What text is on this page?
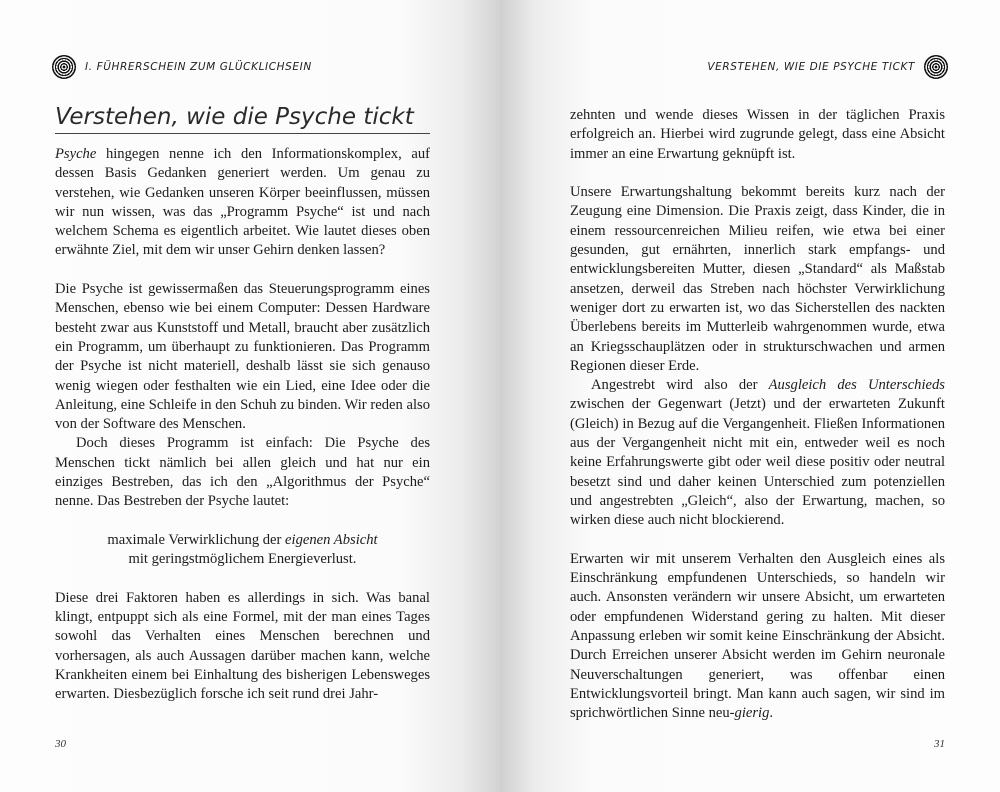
I. FÜHRERSCHEIN ZUM GLÜCKLICHSEIN
Verstehen, wie die Psyche tickt

Psyche hingegen nenne ich den Informationskomplex, auf dessen Basis Gedanken generiert werden. Um genau zu verstehen, wie Gedanken unseren Körper beeinflussen, müssen wir nun wissen, was das „Programm Psyche“ ist und nach welchem Schema es eigentlich arbeitet. Wie lautet dieses oben erwähnte Ziel, mit dem wir unser Gehirn denken lassen?

Die Psyche ist gewissermaßen das Steuerungsprogramm eines Menschen, ebenso wie bei einem Computer: Dessen Hardware besteht zwar aus Kunststoff und Metall, braucht aber zusätzlich ein Programm, um überhaupt zu funktionieren. Das Programm der Psyche ist nicht materiell, deshalb lässt sie sich genauso wenig wiegen oder festhalten wie ein Lied, eine Idee oder die Anleitung, eine Schleife in den Schuh zu binden. Wir reden also von der Software des Menschen.

Doch dieses Programm ist einfach: Die Psyche des Menschen tickt nämlich bei allen gleich und hat nur ein einziges Bestreben, das ich den „Algorithmus der Psyche“ nenne. Das Bestreben der Psyche lautet:

maximale Verwirklichung der eigenen Absicht
mit geringstmöglichem Energieverlust.

Diese drei Faktoren haben es allerdings in sich. Was banal klingt, entpuppt sich als eine Formel, mit der man eines Tages sowohl das Verhalten eines Menschen berechnen und vorhersagen, als auch Aussagen darüber machen kann, welche Krankheiten einem bei Einhaltung des bisherigen Lebensweges erwarten. Diesbezüglich forsche ich seit rund drei Jahr-

30
VERSTEHEN, WIE DIE PSYCHE TICKT

zehnten und wende dieses Wissen in der täglichen Praxis erfolgreich an. Hierbei wird zugrunde gelegt, dass eine Absicht immer an eine Erwartung geknüpft ist.

Unsere Erwartungshaltung bekommt bereits kurz nach der Zeugung eine Dimension. Die Praxis zeigt, dass Kinder, die in einem ressourcenreichen Milieu reifen, wie etwa bei einer gesunden, gut ernährten, innerlich stark empfangs- und entwicklungsbereiten Mutter, diesen „Standard“ als Maßstab ansetzen, derweil das Streben nach höchster Verwirklichung weniger dort zu erwarten ist, wo das Sicherstellen des nackten Überlebens bereits im Mutterleib wahrgenommen wurde, etwa an Kriegsschauplätzen oder in strukturschwachen und armen Regionen dieser Erde.

Angestrebt wird also der Ausgleich des Unterschieds zwischen der Gegenwart (Jetzt) und der erwarteten Zukunft (Gleich) in Bezug auf die Vergangenheit. Fließen Informationen aus der Vergangenheit nicht mit ein, entweder weil es noch keine Erfahrungswerte gibt oder weil diese positiv oder neutral besetzt sind und daher keinen Unterschied zum potenziellen und angestrebten „Gleich“, also der Erwartung, machen, so wirken diese auch nicht blockierend.

Erwarten wir mit unserem Verhalten den Ausgleich eines als Einschränkung empfundenen Unterschieds, so handeln wir auch. Ansonsten verändern wir unsere Absicht, um erwarteten oder empfundenen Widerstand gering zu halten. Mit dieser Anpassung erleben wir somit keine Einschränkung der Absicht. Durch Erreichen unserer Absicht werden im Gehirn neuronale Neuverschaltungen generiert, was offenbar einen Entwicklungsvorteil bringt. Man kann auch sagen, wir sind im sprichwörtlichen Sinne neu-gierig.

31
